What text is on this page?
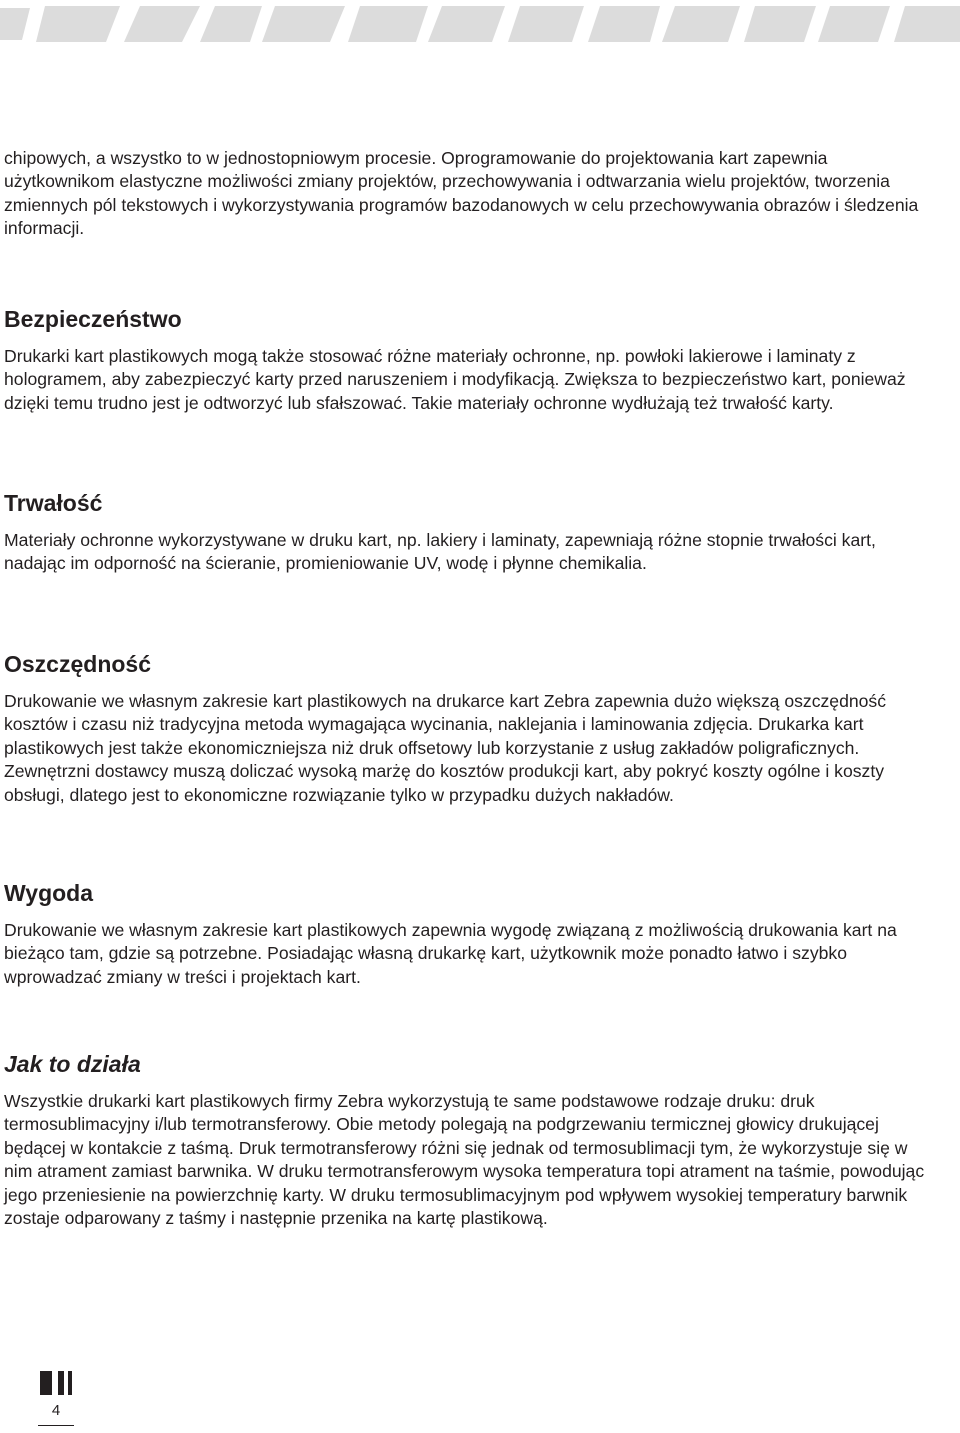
chipowych, a wszystko to w jednostopniowym procesie. Oprogramowanie do projektowania kart zapewnia użytkownikom elastyczne możliwości zmiany projektów, przechowywania i odtwarzania wielu projektów, tworzenia zmiennych pól tekstowych i wykorzystywania programów bazodanowych w celu przechowywania obrazów i śledzenia informacji.

Bezpieczeństwo

Drukarki kart plastikowych mogą także stosować różne materiały ochronne, np. powłoki lakierowe i laminaty z hologramem, aby zabezpieczyć karty przed naruszeniem i modyfikacją. Zwiększa to bezpieczeństwo kart, ponieważ dzięki temu trudno jest je odtworzyć lub sfałszować. Takie materiały ochronne wydłużają też trwałość karty.

Trwałość

Materiały ochronne wykorzystywane w druku kart, np. lakiery i laminaty, zapewniają różne stopnie trwałości kart, nadając im odporność na ścieranie, promieniowanie UV, wodę i płynne chemikalia.

Oszczędność

Drukowanie we własnym zakresie kart plastikowych na drukarce kart Zebra zapewnia dużo większą oszczędność kosztów i czasu niż tradycyjna metoda wymagająca wycinania, naklejania i laminowania zdjęcia. Drukarka kart plastikowych jest także ekonomiczniejsza niż druk offsetowy lub korzystanie z usług zakładów poligraficznych. Zewnętrzni dostawcy muszą doliczać wysoką marżę do kosztów produkcji kart, aby pokryć koszty ogólne i koszty obsługi, dlatego jest to ekonomiczne rozwiązanie tylko w przypadku dużych nakładów.

Wygoda

Drukowanie we własnym zakresie kart plastikowych zapewnia wygodę związaną z możliwością drukowania kart na bieżąco tam, gdzie są potrzebne. Posiadając własną drukarkę kart, użytkownik może ponadto łatwo i szybko wprowadzać zmiany w treści i projektach kart.

Jak to działa

Wszystkie drukarki kart plastikowych firmy Zebra wykorzystują te same podstawowe rodzaje druku: druk termosublimacyjny i/lub termotransferowy. Obie metody polegają na podgrzewaniu termicznej głowicy drukującej będącej w kontakcie z taśmą. Druk termotransferowy różni się jednak od termosublimacji tym, że wykorzystuje się w nim atrament zamiast barwnika. W druku termotransferowym wysoka temperatura topi atrament na taśmie, powodując jego przeniesienie na powierzchnię karty. W druku termosublimacyjnym pod wpływem wysokiej temperatury barwnik zostaje odparowany z taśmy i następnie przenika na kartę plastikową.

4
